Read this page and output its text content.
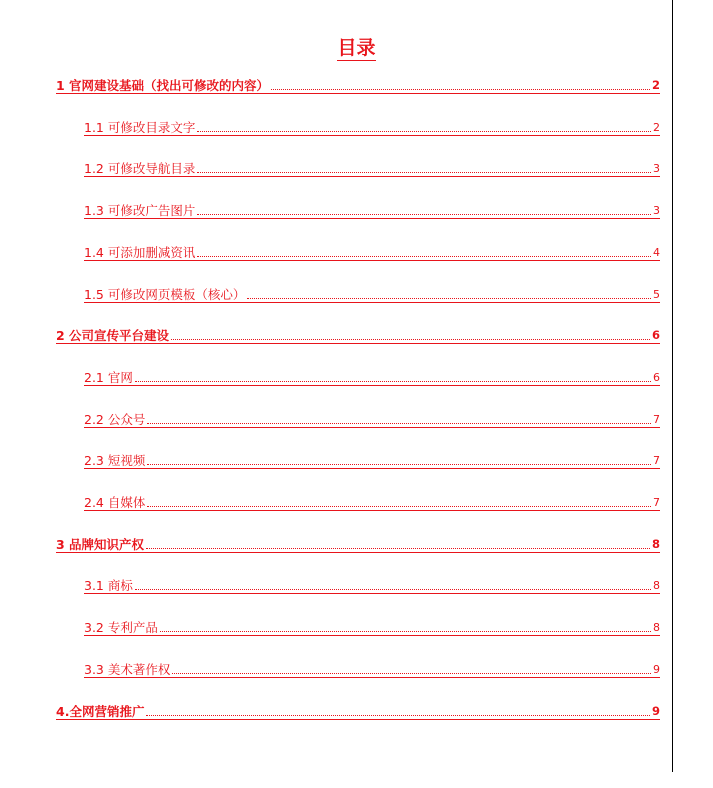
目录
1 官网建设基础（找出可修改的内容）	2
1.1 可修改目录文字	2
1.2 可修改导航目录	3
1.3 可修改广告图片	3
1.4 可添加删减资讯	4
1.5 可修改网页模板（核心）	5
2 公司宣传平台建设	6
2.1 官网	6
2.2 公众号	7
2.3 短视频	7
2.4 自媒体	7
3 品牌知识产权	8
3.1 商标	8
3.2 专利产品	8
3.3 美术著作权	9
4.全网营销推广	9
